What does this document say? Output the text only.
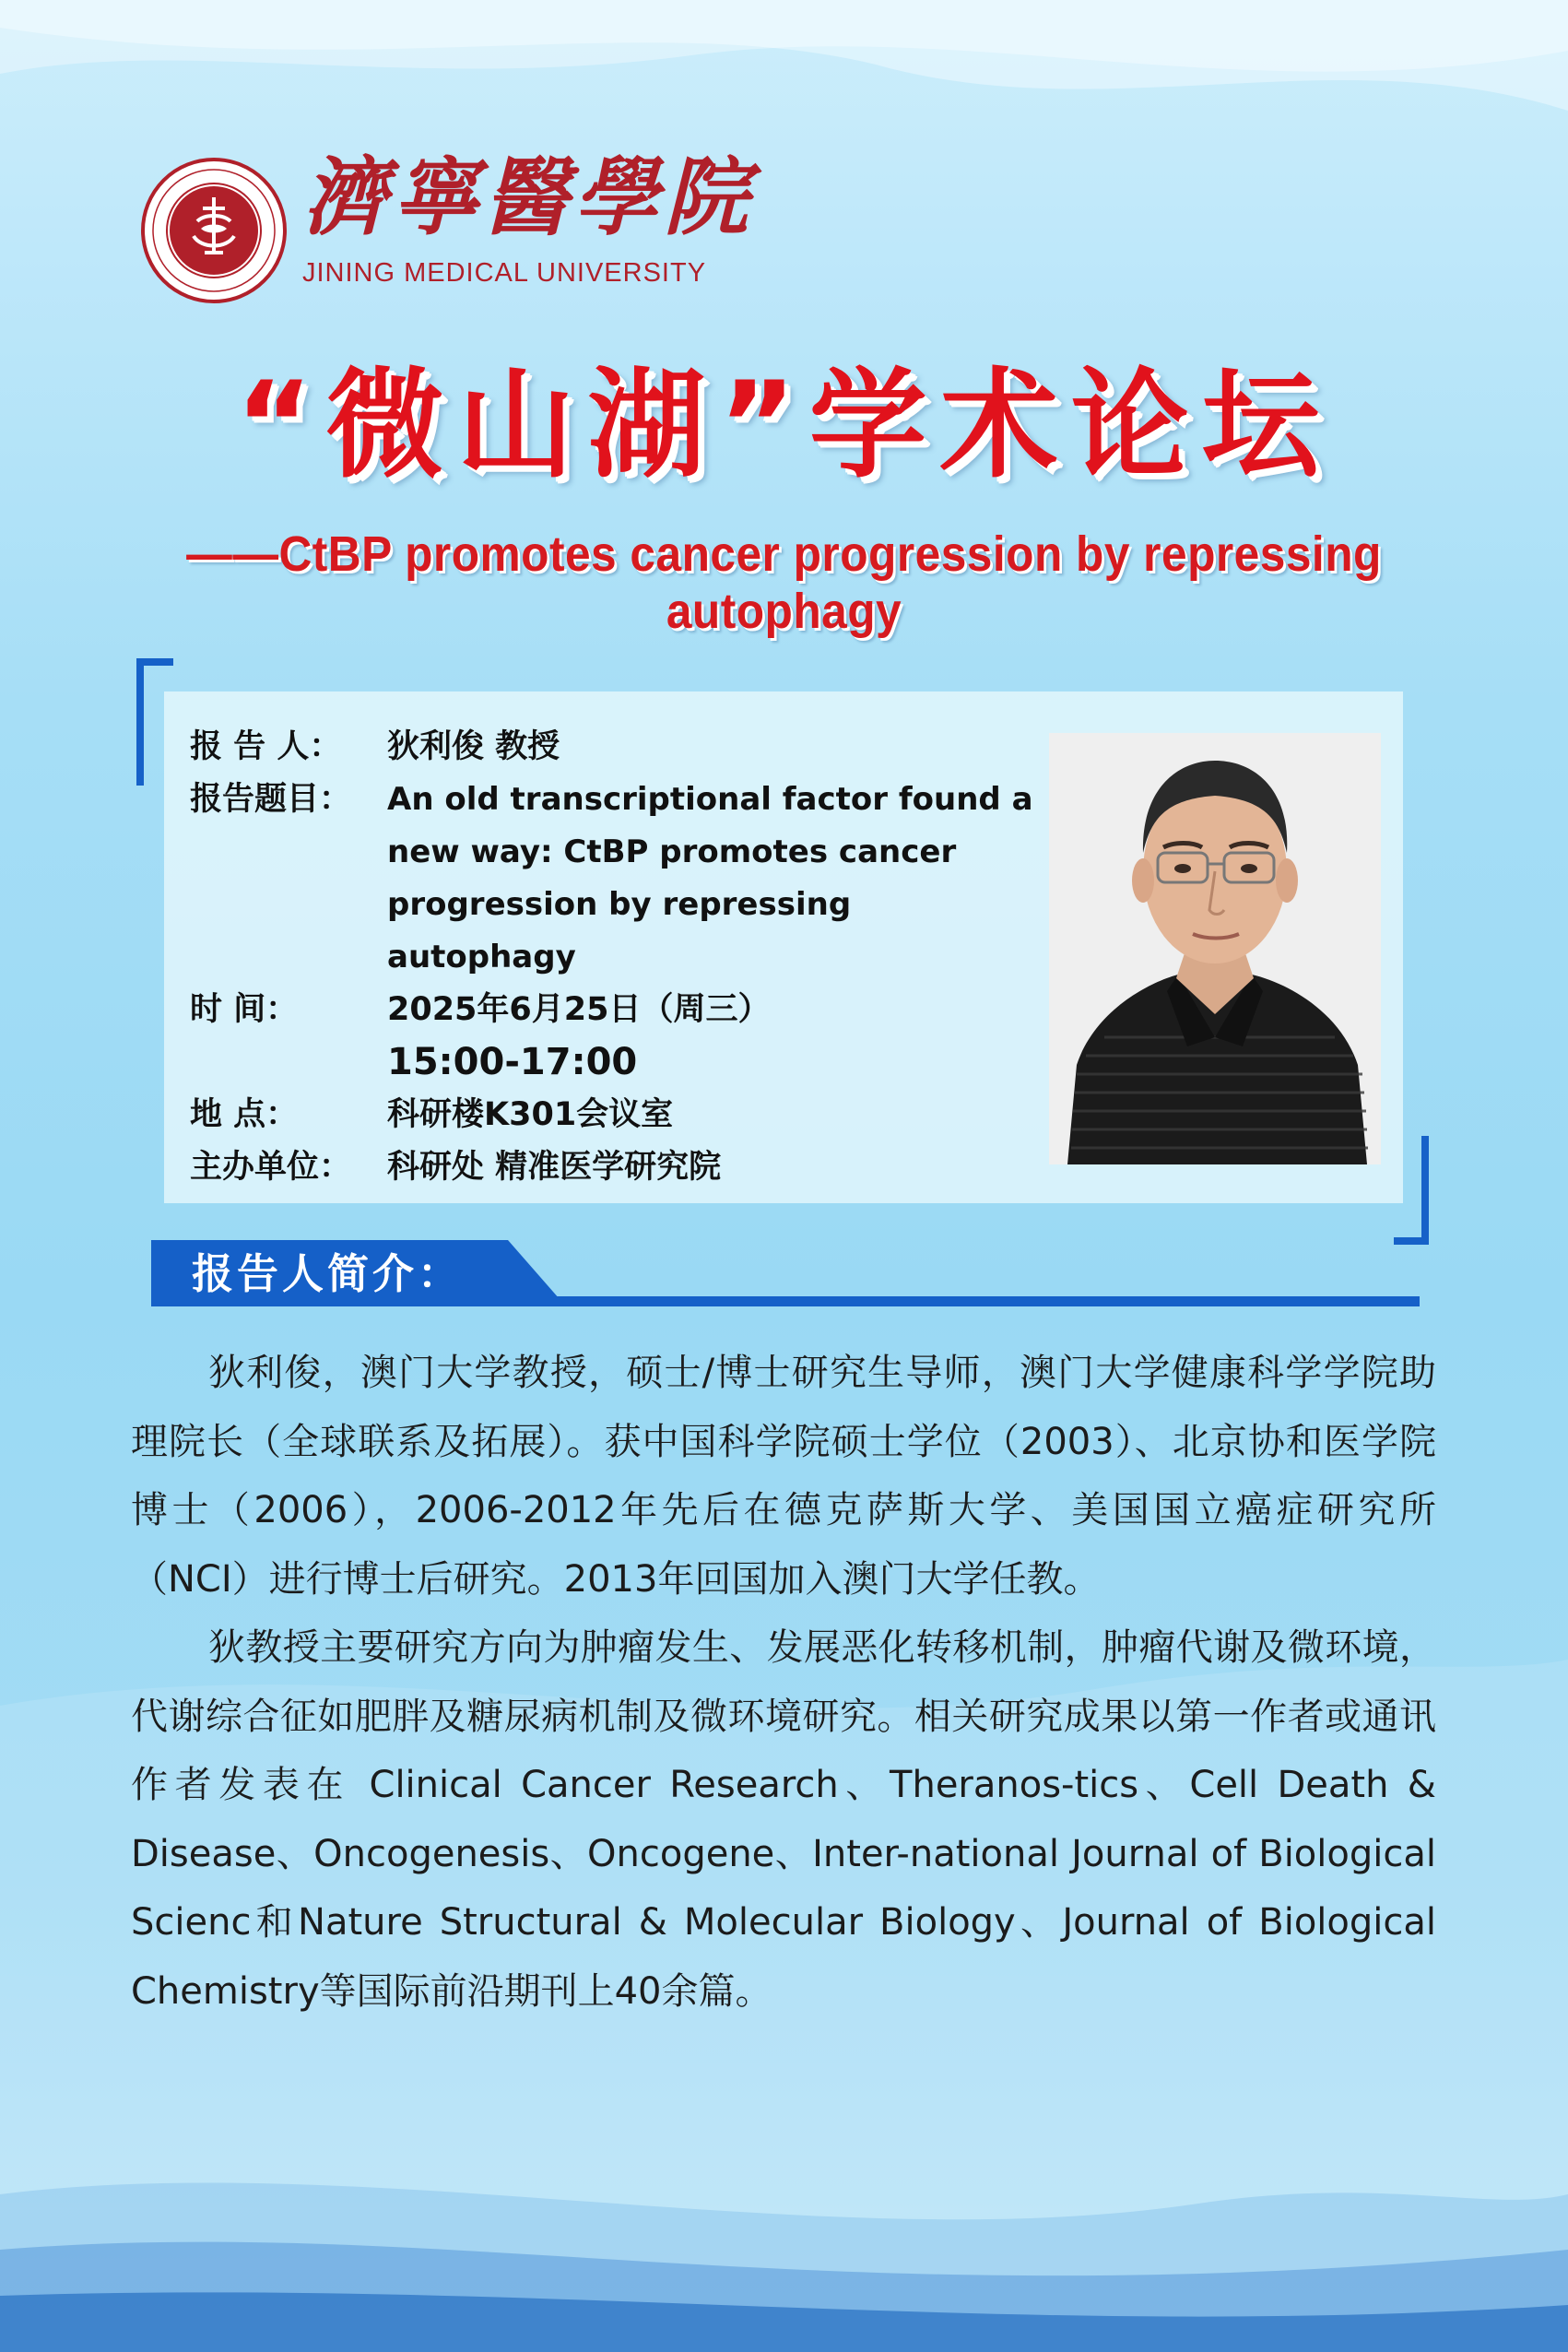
濟寧醫學院
JINING MEDICAL UNIVERSITY
“微山湖”学术论坛
——CtBP promotes cancer progression by repressing autophagy
报 告 人：	狄利俊 教授
报告题目：	An old transcriptional factor found a new way: CtBP promotes cancer progression by repressing autophagy
时 间：	2025年6月25日（周三）
15:00-17:00
地 点：	科研楼K301会议室
主办单位：	科研处 精准医学研究院
报告人简介：

狄利俊，澳门大学教授，硕士/博士研究生导师，澳门大学健康科学学院助理院长（全球联系及拓展）。获中国科学院硕士学位（2003）、北京协和医学院博士（2006），2006-2012年先后在德克萨斯大学、美国国立癌症研究所（NCI）进行博士后研究。2013年回国加入澳门大学任教。

狄教授主要研究方向为肿瘤发生、发展恶化转移机制，肿瘤代谢及微环境，代谢综合征如肥胖及糖尿病机制及微环境研究。相关研究成果以第一作者或通讯作者发表在 Clinical Cancer Research、Theranos-tics、Cell Death & Disease、Oncogenesis、Oncogene、Inter-national Journal of Biological Scienc和Nature Structural & Molecular Biology、Journal of Biological Chemistry等国际前沿期刊上40余篇。
